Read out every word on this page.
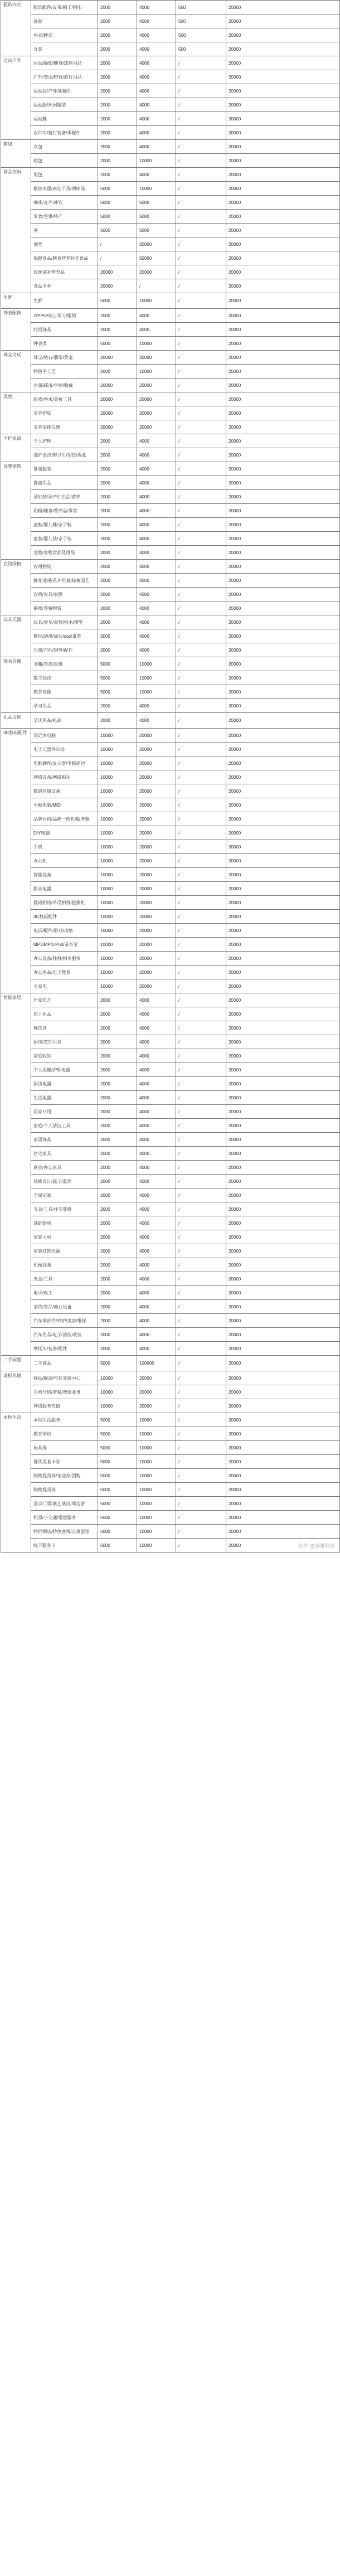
服饰内衣	服饰配件/皮带/帽子/围巾	2000	4000	500	20000	
	泳装	2000	4000	500	20000	
	内衣/睡衣	2000	4000	500	20000	
	女装	2000	4000	500	20000	
运动户外	运动/瑜伽/健身/球迷用品	2000	4000	/	20000	
	户外/登山/野营/旅行用品	2000	4000	/	20000	
	运动包/户外包/配件	2000	4000	/	20000	
	运动服/休闲服装	2000	4000	/	20000	
	运动鞋	2000	4000	/	20000	
	自行车/骑行装备/零配件	2000	4000	/	20000	
箱包	女包	2000	4000	/	20000	
	箱包	2000	10000	/	20000	
食品饮料	男包	2000	4000	/	20000	
	粮油米面/南北干货/调味品	5000	10000	/	20000	
	咖啡/麦片/冲饮	5000	5000	/	20000	
	零食/坚果/特产	5000	5000	/	20000	
	茶	5000	5000	/	20000	
	酒类	/	20000	/	20000	
	保健食品/膳食营养补充食品	/	50000	/	20000	
	传统滋补营养品	20000	20000	/	20000	
	食品卡券	20000	/	/	20000	
生鲜	生鲜	5000	10000	/	20000	
钟表配饰	ZIPPO/瑞士军刀/眼镜	2000	4000	/	20000	
	时尚饰品	2000	4000	/	20000	
	钟表类	5000	10000	/	20000	
珠宝文玩	珠宝/钻石/翡翠/黄金	20000	20000	/	20000	
	特色手工艺	5000	10000	/	20000	
	古董/邮币/字画/收藏	20000	20000	/	20000	
美妆	彩妆/香水/美妆工具	20000	20000	/	20000	
	美容护肤	20000	20000	/	20000	
	美容美体仪器	20000	20000	/	20000	
个护家清	个人护理	2000	4000	/	20000	
	洗护清洁剂/卫生巾/纸/香薰	2000	4000	/	20000	
母婴宠物	婴童服装	2000	4000	/	20000	
	婴童用品	2000	4000	/	20000	
	孕妇装/孕产妇用品/营养	2000	4000	/	20000	
	奶粉/辅食/营养品/零食	2000	4000	/	20000	
	童鞋/婴儿鞋/亲子鞋	2000	4000	/	20000	
	童装/婴儿装/亲子装	2000	4000	/	20000	
	宠物/宠物食品及用品	2000	4000	/	20000	
农资绿植	农用物资	2000	4000	/	20000	
	鲜花速递/花卉仿真/绿植园艺	2000	4000	/	20000	
	农机/农具/农膜	2000	4000	/	20000	
	畜牧/养殖物资	2000	4000	/	20000	
玩具乐器	玩具/童车/益智/积木/模型	2000	4000	/	20000	
	模玩/动漫/周边/cos/桌游	2000	4000	/	20000	
	乐器/吉他/钢琴/配件	2000	4000	/	20000	
图书音像	书籍/杂志/报纸	5000	10000	/	20000	
	数字阅读	5000	10000	/	20000	
	教育音像	5000	10000	/	20000	
	学习用品	2000	4000	/	20000	
礼品文创	节庆用品/礼品	2000	4000	/	20000	
3C数码配件	笔记本电脑	10000	20000	/	20000	
	电子元器件市场	10000	20000	/	20000	
	电脑硬件/显示器/电脑周边	10000	20000	/	20000	
	网络设备/网络相关	10000	20000	/	20000	
	数码存储设备	10000	20000	/	20000	
	平板电脑/MID	10000	20000	/	20000	
	品牌台机/品牌一体机/服务器	10000	20000	/	20000	
	DIY电脑	10000	20000	/	20000	
	手机	10000	20000	/	20000	
	办公机	10000	20000	/	20000	
	智能设备	10000	20000	/	20000	
	影音电器	10000	20000	/	20000	
	数码相机/单反相机/摄像机	10000	20000	/	20000	
	3C数码配件	10000	20000	/	20000	
	电玩/配件/游戏/攻略	10000	20000	/	20000	
	MP3/MP4/iPod/录音笔	10000	20000	/	20000	
	办公设备/耗材/相关服务	10000	20000	/	20000	
	办公用品/电子教育	10000	20000	/	20000	
	大家电	10000	20000	/	20000	
智能家居	居家布艺	2000	4000	/	20000	
	床上用品	2000	4000	/	20000	
	餐饮具	2000	4000	/	20000	
	厨房/烹饪用具	2000	4000	/	20000	
	家庭收纳	2000	4000	/	20000	
	个人保健/护理电器	2000	4000	/	20000	
	厨房电器	2000	4000	/	20000	
	生活电器	2000	4000	/	20000	
	居家日用	2000	4000	/	20000	
	家庭/个人清洁工具	2000	4000	/	20000	
	家居饰品	2000	4000	/	20000	
	住宅家具	2000	4000	/	20000	
	商业/办公家具	2000	4000	/	20000	
	装修设计/施工/监理	2000	4000	/	20000	
	全屋定制	2000	4000	/	20000	
	五金/工具/住宅装修	2000	4000	/	20000	
	基础建材	2000	4000	/	20000	
	家装主材	2000	4000	/	20000	
	家装灯饰光源	2000	4000	/	20000	
	机械设备	2000	4000	/	20000	
	五金/工具	2000	4000	/	20000	
	电子/电工	2000	4000	/	20000	
	清洗/食品/商业设备	2000	4000	/	20000	
	汽车零部件/养护/美容/维保	2000	4000	/	20000	
	汽车用品/电子/清洗/改装	2000	4000	/	20000	
	摩托车/装备/配件	2000	4000	/	20000	
二手闲置	二手商品	5000	100000	/	20000	
虚拟充值	移动/联通/电信充值中心	10000	20000	/	20000	
	手机号码/套餐/增值业务	10000	20000	/	20000	
	网络服务充值	10000	20000	/	20000	
本地生活	本地生活服务	5000	10000	/	20000	
	教育培训	5000	10000	/	20000	
	玩具券	5000	10000	/	20000	
	餐饮美食卡券	5000	10000	/	20000	
	购物提货券/定送券/团购	5000	10000	/	20000	
	购物提货券	5000	10000	/	20000	
	景点门票/演艺演出/周边游	5000	10000	/	20000	
	机票/小交通/增值服务	5000	10000	/	20000	
	特价酒店/特色客栈/公寓旅馆	5000	10000	/	20000	
	线下服务卡	5000	10000	/	20000		知乎 @慕雅科技
